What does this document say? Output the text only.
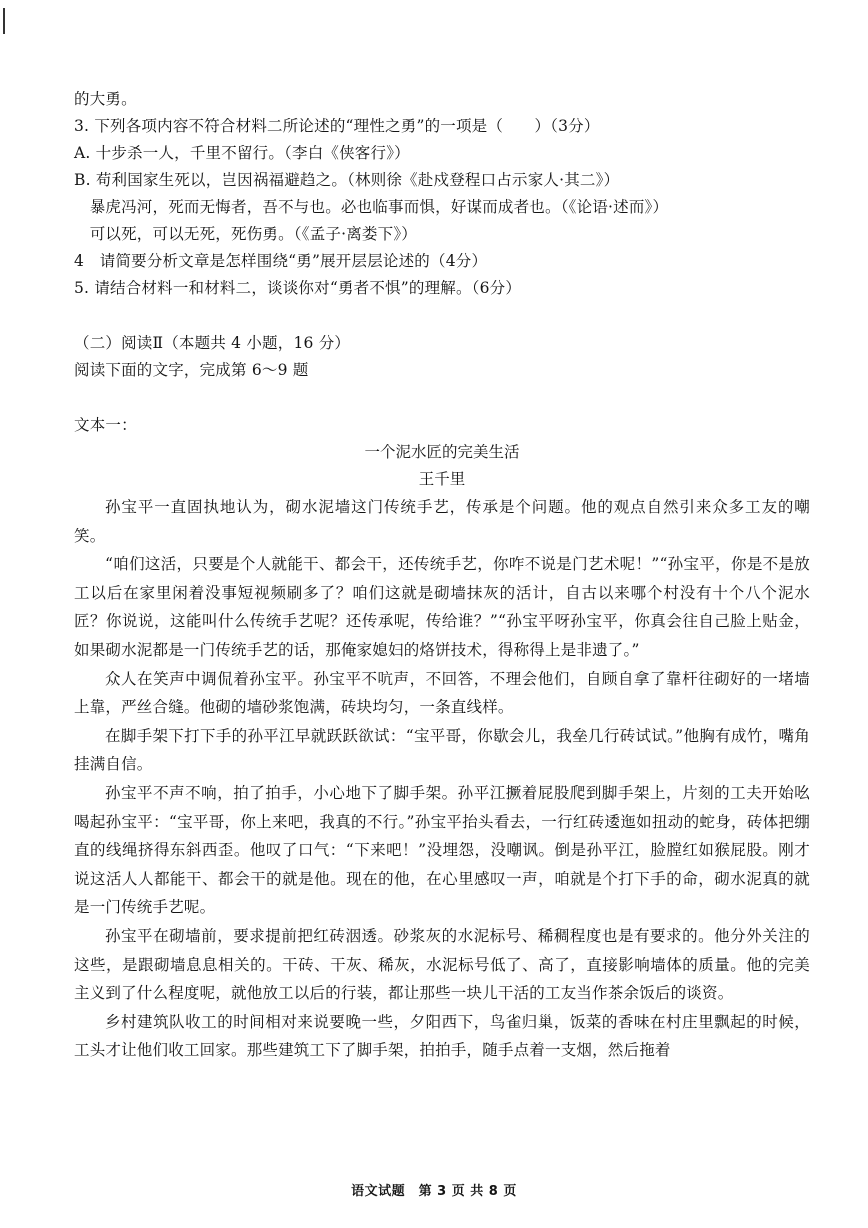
的大勇。
3. 下列各项内容不符合材料二所论述的“理性之勇”的一项是（　　）（3分）
A. 十步杀一人，千里不留行。（李白《侠客行》）
B. 苟利国家生死以，岂因祸福避趋之。（林则徐《赴戍登程口占示家人·其二》）
　暴虎冯河，死而无悔者，吾不与也。必也临事而惧，好谋而成者也。（《论语·述而》）
　可以死，可以无死，死伤勇。（《孟子·离娄下》）
4　请简要分析文章是怎样围绕“勇”展开层层论述的（4分）
5. 请结合材料一和材料二，谈谈你对“勇者不惧”的理解。（6分）
（二）阅读Ⅱ（本题共 4 小题，16 分）
阅读下面的文字，完成第 6～9 题
文本一：
一个泥水匠的完美生活
王千里

孙宝平一直固执地认为，砌水泥墙这门传统手艺，传承是个问题。他的观点自然引来众多工友的嘲笑。

“咱们这活，只要是个人就能干、都会干，还传统手艺，你咋不说是门艺术呢！”“孙宝平，你是不是放工以后在家里闲着没事短视频刷多了？咱们这就是砌墙抹灰的活计，自古以来哪个村没有十个八个泥水匠？你说说，这能叫什么传统手艺呢？还传承呢，传给谁？”“孙宝平呀孙宝平，你真会往自己脸上贴金，如果砌水泥都是一门传统手艺的话，那俺家媳妇的烙饼技术，得称得上是非遗了。”

众人在笑声中调侃着孙宝平。孙宝平不吭声，不回答，不理会他们，自顾自拿了靠杆往砌好的一堵墙上靠，严丝合缝。他砌的墙砂浆饱满，砖块均匀，一条直线样。

在脚手架下打下手的孙平江早就跃跃欲试：“宝平哥，你歇会儿，我垒几行砖试试。”他胸有成竹，嘴角挂满自信。

孙宝平不声不响，拍了拍手，小心地下了脚手架。孙平江撅着屁股爬到脚手架上，片刻的工夫开始吆喝起孙宝平：“宝平哥，你上来吧，我真的不行。”孙宝平抬头看去，一行红砖逶迤如扭动的蛇身，砖体把绷直的线绳挤得东斜西歪。他叹了口气：“下来吧！”没埋怨，没嘲讽。倒是孙平江，脸膛红如猴屁股。刚才说这活人人都能干、都会干的就是他。现在的他，在心里感叹一声，咱就是个打下手的命，砌水泥真的就是一门传统手艺呢。

孙宝平在砌墙前，要求提前把红砖洇透。砂浆灰的水泥标号、稀稠程度也是有要求的。他分外关注的这些，是跟砌墙息息相关的。干砖、干灰、稀灰，水泥标号低了、高了，直接影响墙体的质量。他的完美主义到了什么程度呢，就他放工以后的行装，都让那些一块儿干活的工友当作茶余饭后的谈资。

乡村建筑队收工的时间相对来说要晚一些，夕阳西下，鸟雀归巢，饭菜的香味在村庄里飘起的时候，工头才让他们收工回家。那些建筑工下了脚手架，拍拍手，随手点着一支烟，然后拖着

语文试题　第 3 页 共 8 页
